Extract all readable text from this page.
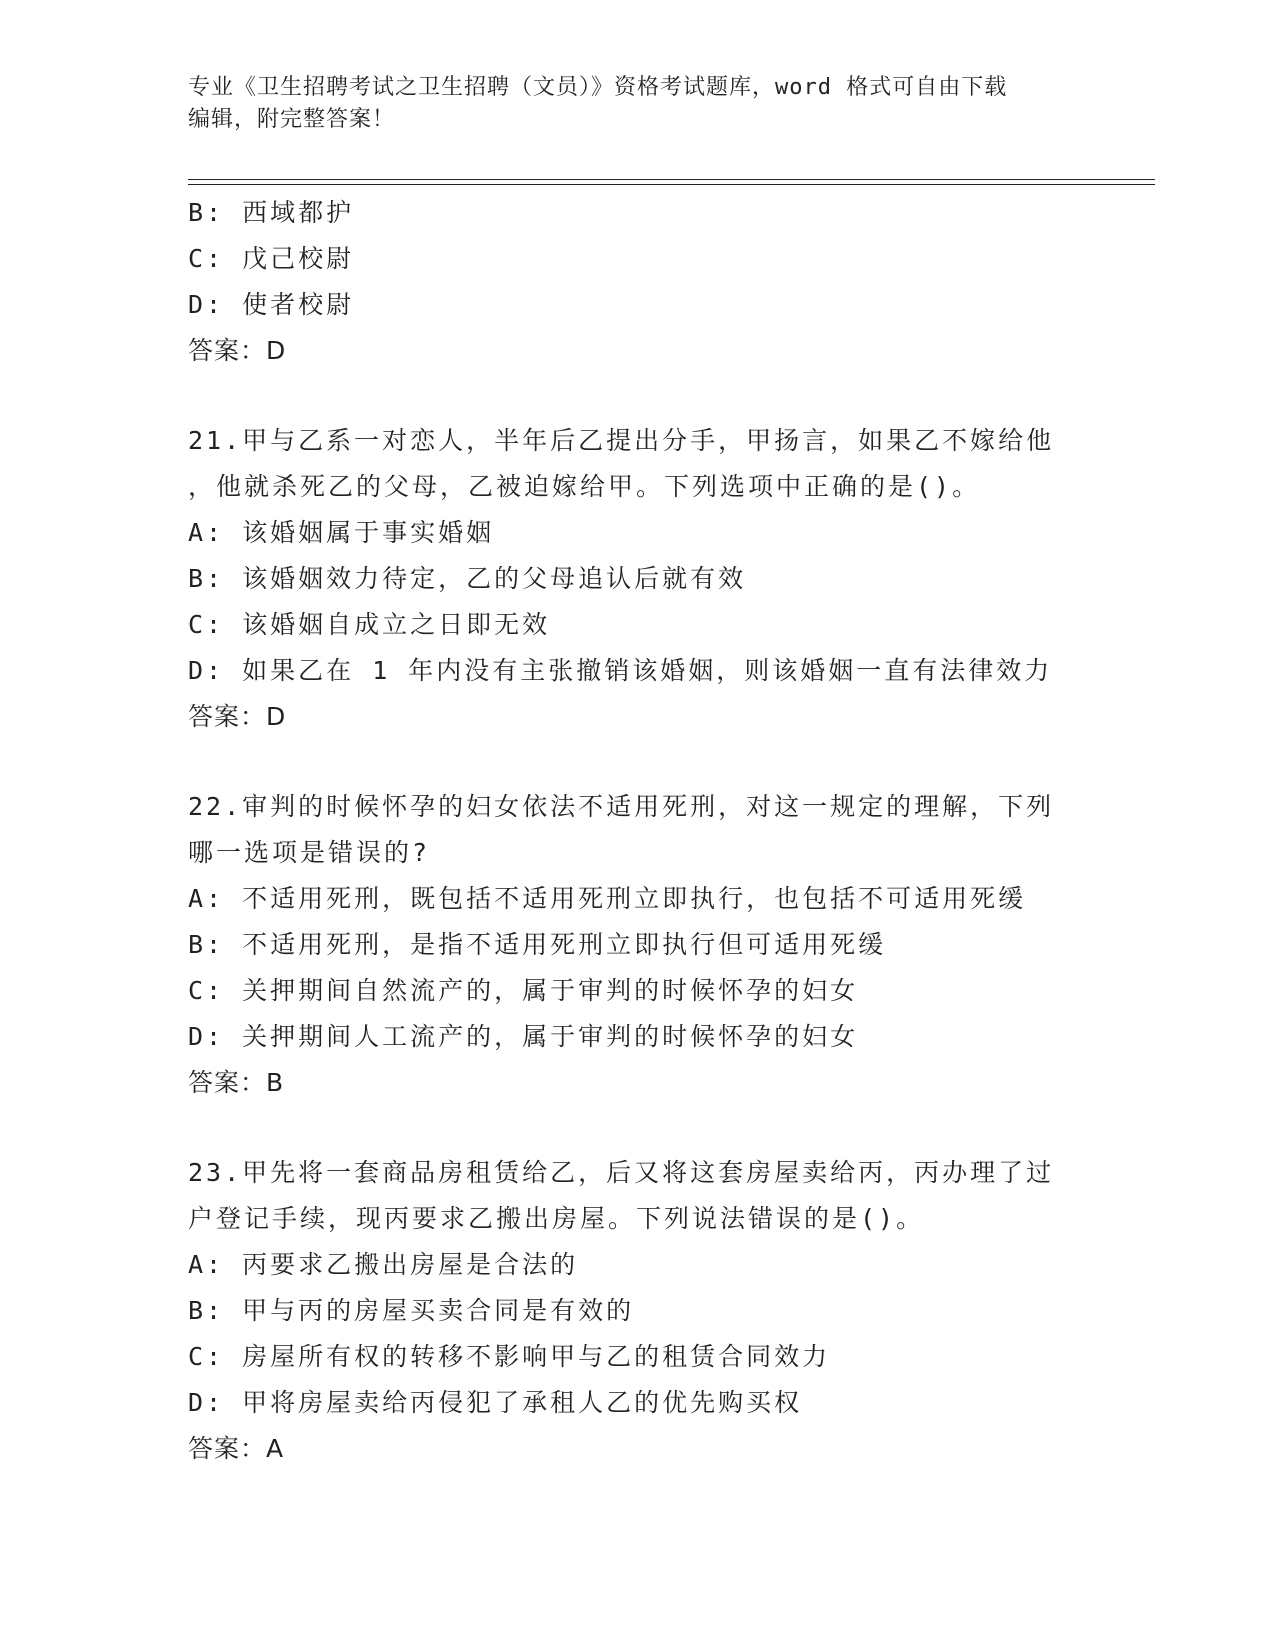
专业《卫生招聘考试之卫生招聘（文员）》资格考试题库，word 格式可自由下载
编辑，附完整答案！
B: 西域都护
C: 戊己校尉
D: 使者校尉
答案：D
21.甲与乙系一对恋人，半年后乙提出分手，甲扬言，如果乙不嫁给他
，他就杀死乙的父母，乙被迫嫁给甲。下列选项中正确的是()。
A: 该婚姻属于事实婚姻
B: 该婚姻效力待定，乙的父母追认后就有效
C: 该婚姻自成立之日即无效
D: 如果乙在 1 年内没有主张撤销该婚姻，则该婚姻一直有法律效力
答案：D
22.审判的时候怀孕的妇女依法不适用死刑，对这一规定的理解，下列
哪一选项是错误的?
A: 不适用死刑，既包括不适用死刑立即执行，也包括不可适用死缓
B: 不适用死刑，是指不适用死刑立即执行但可适用死缓
C: 关押期间自然流产的，属于审判的时候怀孕的妇女
D: 关押期间人工流产的，属于审判的时候怀孕的妇女
答案：B
23.甲先将一套商品房租赁给乙，后又将这套房屋卖给丙，丙办理了过
户登记手续，现丙要求乙搬出房屋。下列说法错误的是()。
A: 丙要求乙搬出房屋是合法的
B: 甲与丙的房屋买卖合同是有效的
C: 房屋所有权的转移不影响甲与乙的租赁合同效力
D: 甲将房屋卖给丙侵犯了承租人乙的优先购买权
答案：A
